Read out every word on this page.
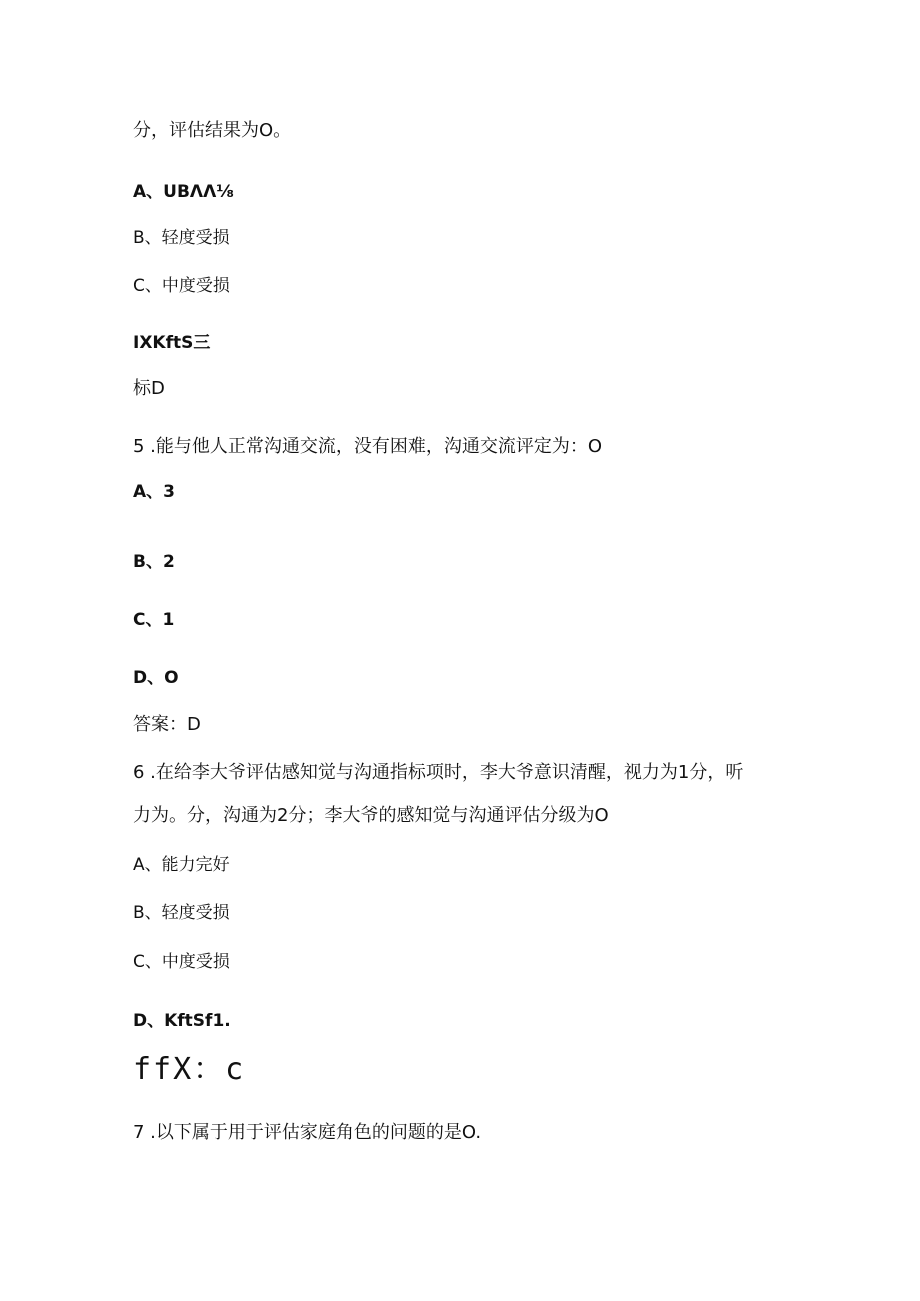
分，评估结果为O。
A、UBΛΛ⅛
B、轻度受损
C、中度受损
IXKftS三
标D
5 .能与他人正常沟通交流，没有困难，沟通交流评定为：O
A、3
B、2
C、1
D、O
答案：D
6 .在给李大爷评估感知觉与沟通指标项时，李大爷意识清醒，视力为1分，听
力为。分，沟通为2分；李大爷的感知觉与沟通评估分级为O
A、能力完好
B、轻度受损
C、中度受损
D、KftSf1.
ffX：c
7 .以下属于用于评估家庭角色的问题的是O.
